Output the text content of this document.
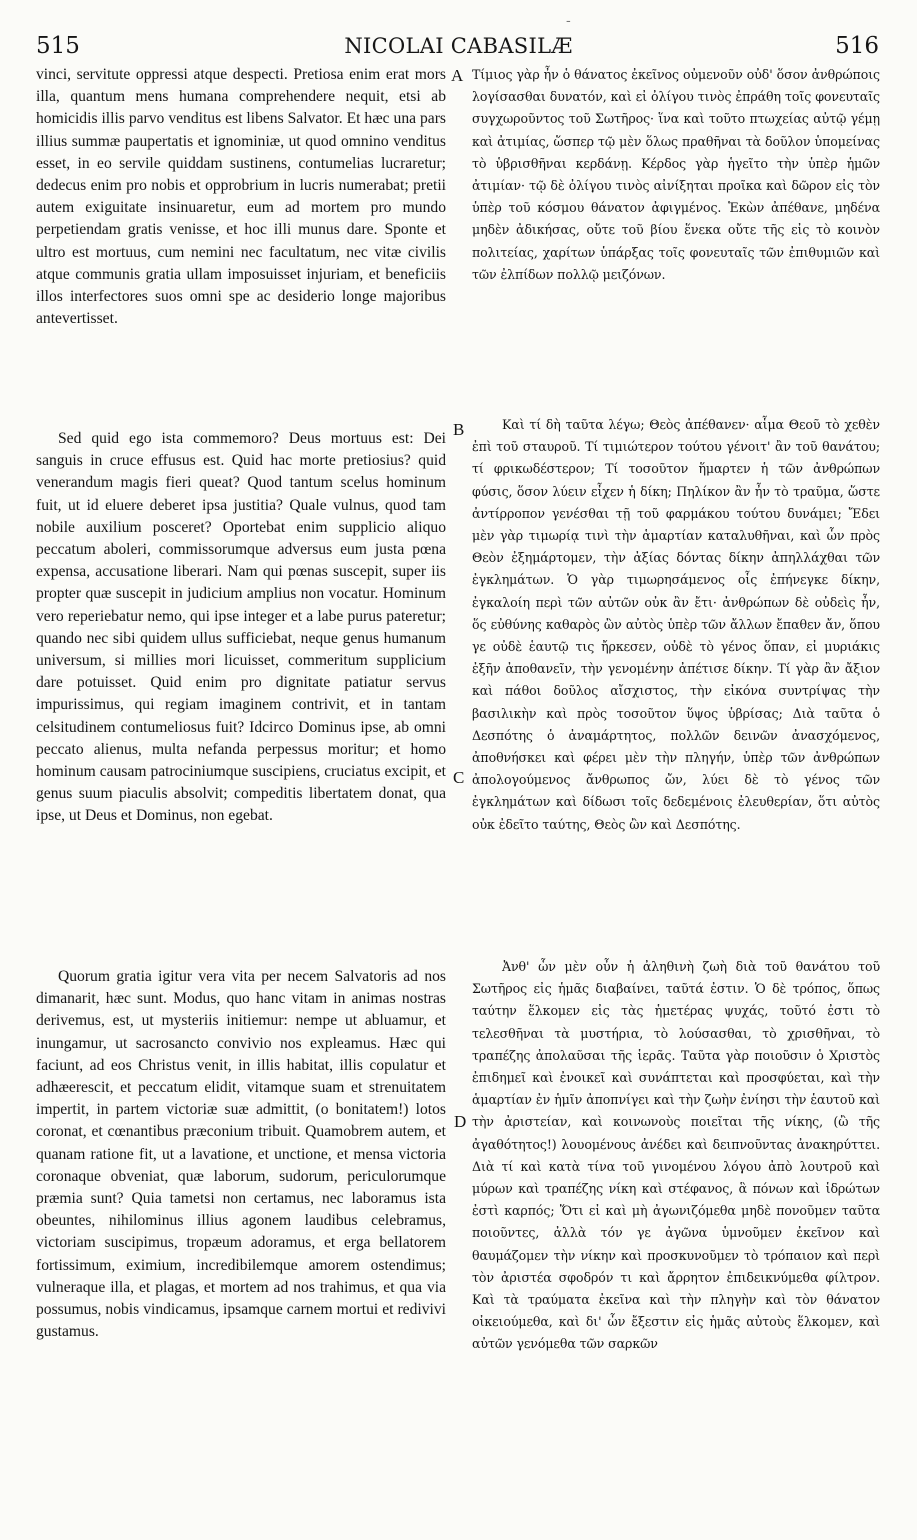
-
515	NICOLAI CABASILÆ	516

vinci, servitute oppressi atque despecti. Pretiosa enim erat mors illa, quantum mens humana comprehendere nequit, etsi ab homicidis illis parvo venditus est libens Salvator. Et hæc una pars illius summæ paupertatis et ignominiæ, ut quod omnino venditus esset, in eo servile quiddam sustinens, contumelias lucraretur; dedecus enim pro nobis et opprobrium in lucris numerabat; pretii autem exiguitate insinuaretur, eum ad mortem pro mundo perpetiendam gratis venisse, et hoc illi munus dare. Sponte et ultro est mortuus, cum nemini nec facultatum, nec vitæ civilis atque communis gratia ullam imposuisset injuriam, et beneficiis illos interfectores suos omni spe ac desiderio longe majoribus antevertisset.

Sed quid ego ista commemoro? Deus mortuus est: Dei sanguis in cruce effusus est. Quid hac morte pretiosius? quid venerandum magis fieri queat? Quod tantum scelus hominum fuit, ut id eluere deberet ipsa justitia? Quale vulnus, quod tam nobile auxilium posceret? Oportebat enim supplicio aliquo peccatum aboleri, commissorumque adversus eum justa pœna expensa, accusatione liberari. Nam qui pœnas suscepit, super iis propter quæ suscepit in judicium amplius non vocatur. Hominum vero reperiebatur nemo, qui ipse integer et a labe purus pateretur; quando nec sibi quidem ullus sufficiebat, neque genus humanum universum, si millies mori licuisset, commeritum supplicium dare potuisset. Quid enim pro dignitate patiatur servus impurissimus, qui regiam imaginem contrivit, et in tantam celsitudinem contumeliosus fuit? Idcirco Dominus ipse, ab omni peccato alienus, multa nefanda perpessus moritur; et homo hominum causam patrociniumque suscipiens, cruciatus excipit, et genus suum piaculis absolvit; compeditis libertatem donat, qua ipse, ut Deus et Dominus, non egebat.

Quorum gratia igitur vera vita per necem Salvatoris ad nos dimanarit, hæc sunt. Modus, quo hanc vitam in animas nostras derivemus, est, ut mysteriis initiemur: nempe ut abluamur, et inungamur, ut sacrosancto convivio nos expleamus. Hæc qui faciunt, ad eos Christus venit, in illis habitat, illis copulatur et adhæerescit, et peccatum elidit, vitamque suam et strenuitatem impertit, in partem victoriæ suæ admittit, (o bonitatem!) lotos coronat, et cœnantibus præconium tribuit. Quamobrem autem, et quanam ratione fit, ut a lavatione, et unctione, et mensa victoria coronaque obveniat, quæ laborum, sudorum, periculorumque præmia sunt? Quia tametsi non certamus, nec laboramus ista obeuntes, nihilominus illius agonem laudibus celebramus, victoriam suscipimus, tropæum adoramus, et erga bellatorem fortissimum, eximium, incredibilemque amorem ostendimus; vulneraque illa, et plagas, et mortem ad nos trahimus, et qua via possumus, nobis vindicamus, ipsamque carnem mortui et redivivi gustamus.

A
B
C
D

Τίμιος γὰρ ἦν ὁ θάνατος ἐκεῖνος οὐμενοῦν οὐδ' ὅσον ἀνθρώποις λογίσασθαι δυνατόν, καὶ εἰ ὀλίγου τινὸς ἐπράθη τοῖς φονευταῖς συγχωροῦντος τοῦ Σωτῆρος· ἵνα καὶ τοῦτο πτωχείας αὐτῷ γέμῃ καὶ ἀτιμίας, ὥσπερ τῷ μὲν ὅλως πραθῆναι τὰ δοῦλον ὑπομείνας τὸ ὑβρισθῆναι κερδάνῃ. Κέρδος γὰρ ἡγεῖτο τὴν ὑπὲρ ἡμῶν ἀτιμίαν· τῷ δὲ ὀλίγου τινὸς αἰνίξηται προῖκα καὶ δῶρον εἰς τὸν ὑπὲρ τοῦ κόσμου θάνατον ἀφιγμένος. Ἑκὼν ἀπέθανε, μηδένα μηδὲν ἀδικήσας, οὔτε τοῦ βίου ἕνεκα οὔτε τῆς εἰς τὸ κοινὸν πολιτείας, χαρίτων ὑπάρξας τοῖς φονευταῖς τῶν ἐπιθυμιῶν καὶ τῶν ἐλπίδων πολλῷ μειζόνων.

Καὶ τί δὴ ταῦτα λέγω; Θεὸς ἀπέθανεν· αἷμα Θεοῦ τὸ χεθὲν ἐπὶ τοῦ σταυροῦ. Τί τιμιώτερον τούτου γένοιτ' ἂν τοῦ θανάτου; τί φρικωδέστερον; Τί τοσοῦτον ἥμαρτεν ἡ τῶν ἀνθρώπων φύσις, ὅσον λύειν εἶχεν ἡ δίκη; Πηλίκον ἂν ἦν τὸ τραῦμα, ὥστε ἀντίρροπον γενέσθαι τῇ τοῦ φαρμάκου τούτου δυνάμει; Ἔδει μὲν γὰρ τιμωρίᾳ τινὶ τὴν ἁμαρτίαν καταλυθῆναι, καὶ ὧν πρὸς Θεὸν ἐξημάρτομεν, τὴν ἀξίας δόντας δίκην ἀπηλλάχθαι τῶν ἐγκλημάτων. Ὁ γὰρ τιμωρησάμενος οἷς ἐπήνεγκε δίκην, ἐγκαλοίη περὶ τῶν αὐτῶν οὐκ ἂν ἔτι· ἀνθρώπων δὲ οὐδεὶς ἦν, ὅς εὐθύνης καθαρὸς ὢν αὐτὸς ὑπὲρ τῶν ἄλλων ἔπαθεν ἄν, ὅπου γε οὐδὲ ἑαυτῷ τις ἤρκεσεν, οὐδὲ τὸ γένος ὅπαν, εἰ μυριάκις ἐξῆν ἀποθανεῖν, τὴν γενομένην ἀπέτισε δίκην. Τί γὰρ ἂν ἄξιον καὶ πάθοι δοῦλος αἴσχιστος, τὴν εἰκόνα συντρίψας τὴν βασιλικὴν καὶ πρὸς τοσοῦτον ὕψος ὑβρίσας; Διὰ ταῦτα ὁ Δεσπότης ὁ ἀναμάρτητος, πολλῶν δεινῶν ἀνασχόμενος, ἀποθνήσκει καὶ φέρει μὲν τὴν πληγήν, ὑπὲρ τῶν ἀνθρώπων ἀπολογούμενος ἄνθρωπος ὤν, λύει δὲ τὸ γένος τῶν ἐγκλημάτων καὶ δίδωσι τοῖς δεδεμένοις ἐλευθερίαν, ὅτι αὐτὸς οὐκ ἐδεῖτο ταύτης, Θεὸς ὢν καὶ Δεσπότης.

Ἀνθ' ὧν μὲν οὖν ἡ ἀληθινὴ ζωὴ διὰ τοῦ θανάτου τοῦ Σωτῆρος εἰς ἡμᾶς διαβαίνει, ταῦτά ἐστιν. Ὁ δὲ τρόπος, ὅπως ταύτην ἕλκομεν εἰς τὰς ἡμετέρας ψυχάς, τοῦτό ἐστι τὸ τελεσθῆναι τὰ μυστήρια, τὸ λούσασθαι, τὸ χρισθῆναι, τὸ τραπέζης ἀπολαῦσαι τῆς ἱερᾶς. Ταῦτα γὰρ ποιοῦσιν ὁ Χριστὸς ἐπιδημεῖ καὶ ἐνοικεῖ καὶ συνάπτεται καὶ προσφύεται, καὶ τὴν ἁμαρτίαν ἐν ἡμῖν ἀποπνίγει καὶ τὴν ζωὴν ἐνίησι τὴν ἑαυτοῦ καὶ τὴν ἀριστείαν, καὶ κοινωνοὺς ποιεῖται τῆς νίκης, (ὢ τῆς ἀγαθότητος!) λουομένους ἀνέδει καὶ δειπνοῦντας ἀνακηρύττει. Διὰ τί καὶ κατὰ τίνα τοῦ γινομένου λόγου ἀπὸ λουτροῦ καὶ μύρων καὶ τραπέζης νίκη καὶ στέφανος, ἃ πόνων καὶ ἱδρώτων ἐστὶ καρπός; Ὅτι εἰ καὶ μὴ ἀγωνιζόμεθα μηδὲ πονοῦμεν ταῦτα ποιοῦντες, ἀλλὰ τόν γε ἀγῶνα ὑμνοῦμεν ἐκεῖνον καὶ θαυμάζομεν τὴν νίκην καὶ προσκυνοῦμεν τὸ τρόπαιον καὶ περὶ τὸν ἀριστέα σφοδρόν τι καὶ ἄρρητον ἐπιδεικνύμεθα φίλτρον. Καὶ τὰ τραύματα ἐκεῖνα καὶ τὴν πληγὴν καὶ τὸν θάνατον οἰκειούμεθα, καὶ δι' ὧν ἔξεστιν εἰς ἡμᾶς αὐτοὺς ἕλκομεν, καὶ αὐτῶν γενόμεθα τῶν σαρκῶν
